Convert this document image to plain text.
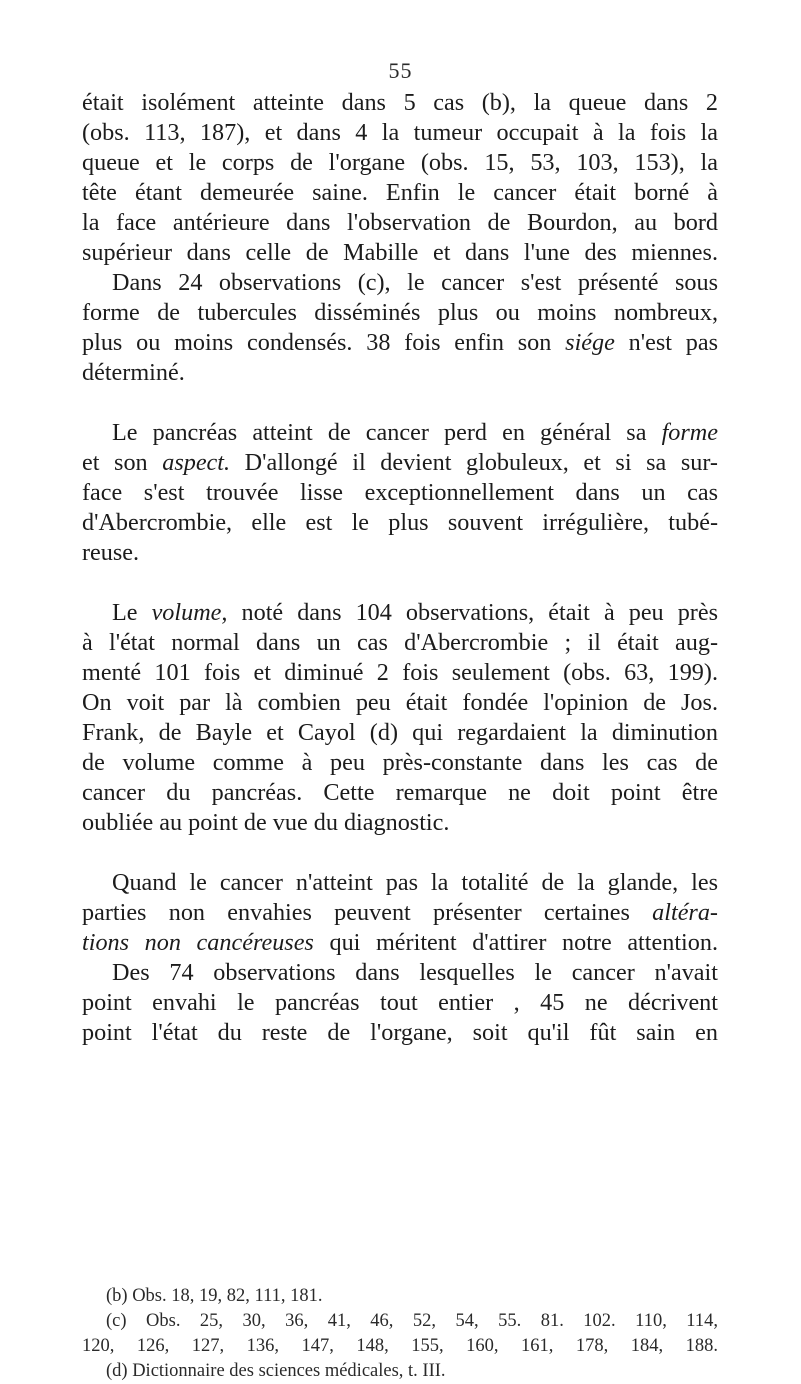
55
était isolément atteinte dans 5 cas (b), la queue dans 2
(obs. 113, 187), et dans 4 la tumeur occupait à la fois la
queue et le corps de l'organe (obs. 15, 53, 103, 153), la
tête étant demeurée saine. Enfin le cancer était borné à
la face antérieure dans l'observation de Bourdon, au bord
supérieur dans celle de Mabille et dans l'une des miennes.
Dans 24 observations (c), le cancer s'est présenté sous
forme de tubercules disséminés plus ou moins nombreux,
plus ou moins condensés. 38 fois enfin son siége n'est pas
déterminé.
Le pancréas atteint de cancer perd en général sa forme
et son aspect. D'allongé il devient globuleux, et si sa sur-
face s'est trouvée lisse exceptionnellement dans un cas
d'Abercrombie, elle est le plus souvent irrégulière, tubé-
reuse.
Le volume, noté dans 104 observations, était à peu près
à l'état normal dans un cas d'Abercrombie ; il était aug-
menté 101 fois et diminué 2 fois seulement (obs. 63, 199).
On voit par là combien peu était fondée l'opinion de Jos.
Frank, de Bayle et Cayol (d) qui regardaient la diminution
de volume comme à peu près-constante dans les cas de
cancer du pancréas. Cette remarque ne doit point être
oubliée au point de vue du diagnostic.
Quand le cancer n'atteint pas la totalité de la glande, les
parties non envahies peuvent présenter certaines altéra-
tions non cancéreuses qui méritent d'attirer notre attention.
Des 74 observations dans lesquelles le cancer n'avait
point envahi le pancréas tout entier , 45 ne décrivent
point l'état du reste de l'organe, soit qu'il fût sain en
(b) Obs. 18, 19, 82, 111, 181.
(c) Obs. 25, 30, 36, 41, 46, 52, 54, 55. 81. 102. 110, 114,
120, 126, 127, 136, 147, 148, 155, 160, 161, 178, 184, 188.
(d) Dictionnaire des sciences médicales, t. III.
